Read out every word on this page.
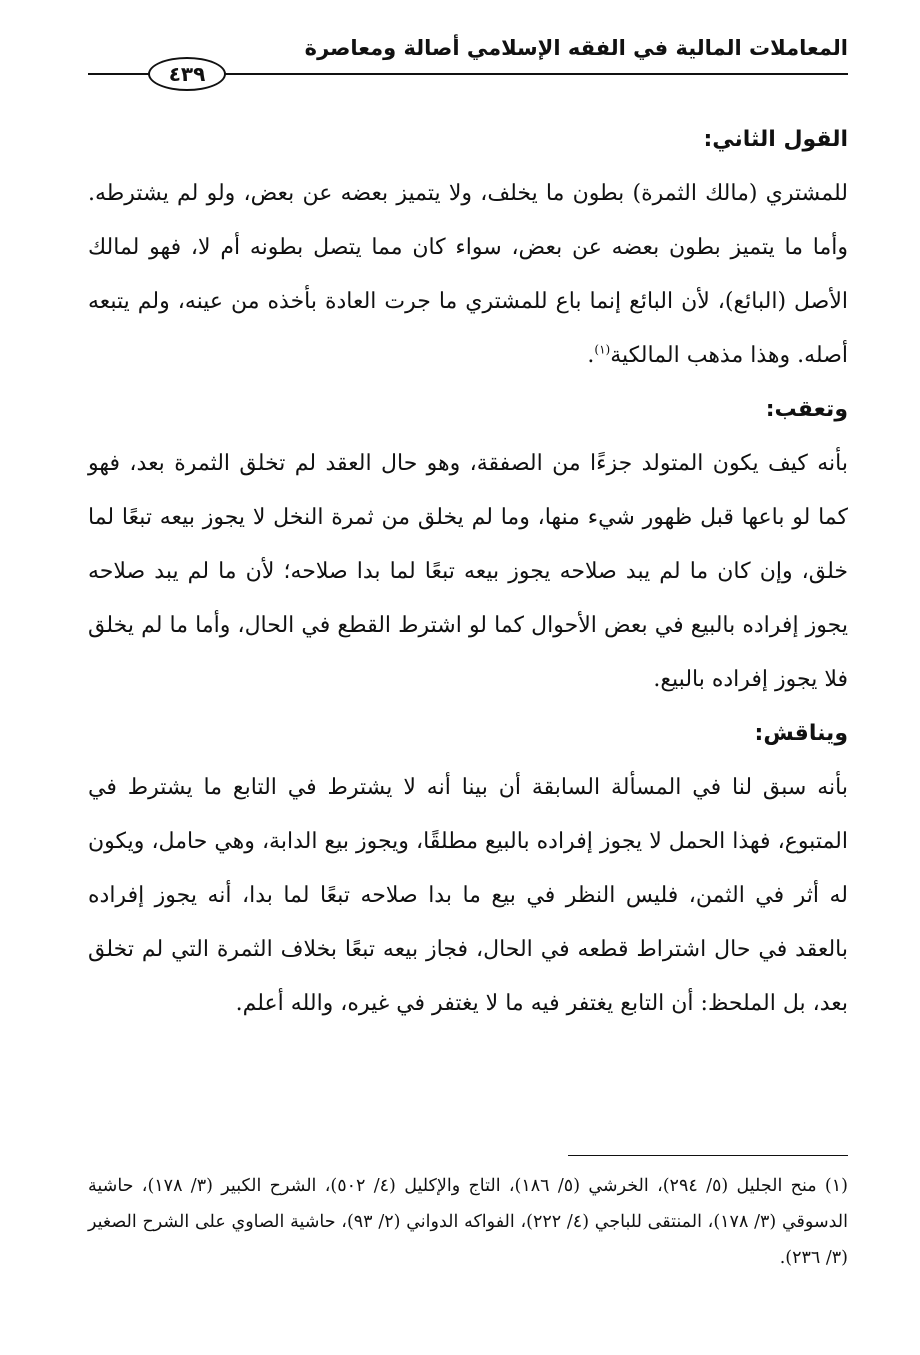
المعاملات المالية في الفقه الإسلامي أصالة ومعاصرة
٤٣٩

القول الثاني:

للمشتري (مالك الثمرة) بطون ما يخلف، ولا يتميز بعضه عن بعض، ولو لم يشترطه. وأما ما يتميز بطون بعضه عن بعض، سواء كان مما يتصل بطونه أم لا، فهو لمالك الأصل (البائع)، لأن البائع إنما باع للمشتري ما جرت العادة بأخذه من عينه، ولم يتبعه أصله. وهذا مذهب المالكية$^{(١)}$.

وتعقب:

بأنه كيف يكون المتولد جزءًا من الصفقة، وهو حال العقد لم تخلق الثمرة بعد، فهو كما لو باعها قبل ظهور شيء منها، وما لم يخلق من ثمرة النخل لا يجوز بيعه تبعًا لما خلق، وإن كان ما لم يبد صلاحه يجوز بيعه تبعًا لما بدا صلاحه؛ لأن ما لم يبد صلاحه يجوز إفراده بالبيع في بعض الأحوال كما لو اشترط القطع في الحال، وأما ما لم يخلق فلا يجوز إفراده بالبيع.

ويناقش:

بأنه سبق لنا في المسألة السابقة أن بينا أنه لا يشترط في التابع ما يشترط في المتبوع، فهذا الحمل لا يجوز إفراده بالبيع مطلقًا، ويجوز بيع الدابة، وهي حامل، ويكون له أثر في الثمن، فليس النظر في بيع ما بدا صلاحه تبعًا لما بدا، أنه يجوز إفراده بالعقد في حال اشتراط قطعه في الحال، فجاز بيعه تبعًا بخلاف الثمرة التي لم تخلق بعد، بل الملحظ: أن التابع يغتفر فيه ما لا يغتفر في غيره، والله أعلم.

(١) منح الجليل (٥/ ٢٩٤)، الخرشي (٥/ ١٨٦)، التاج والإكليل (٤/ ٥٠٢)، الشرح الكبير (٣/ ١٧٨)، حاشية الدسوقي (٣/ ١٧٨)، المنتقى للباجي (٤/ ٢٢٢)، الفواكه الدواني (٢/ ٩٣)، حاشية الصاوي على الشرح الصغير (٣/ ٢٣٦).
